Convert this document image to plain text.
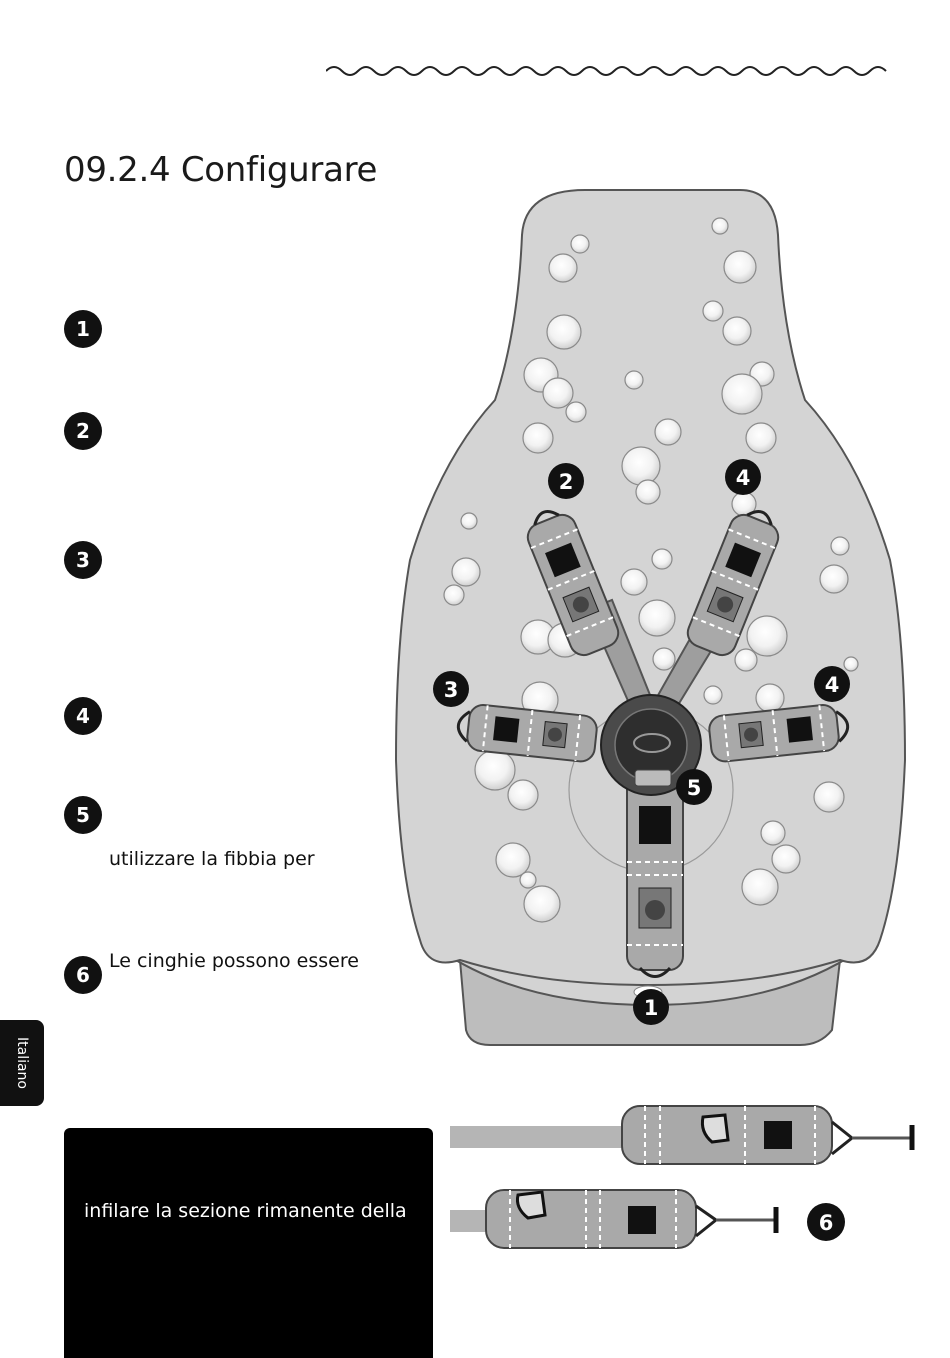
09.2.4 Configurare
1
2
3
4
5
6
utilizzare la fibbia per
Le cinghie possono essere
Italiano
infilare la sezione rimanente della
2	4
3	4
5
1
6
